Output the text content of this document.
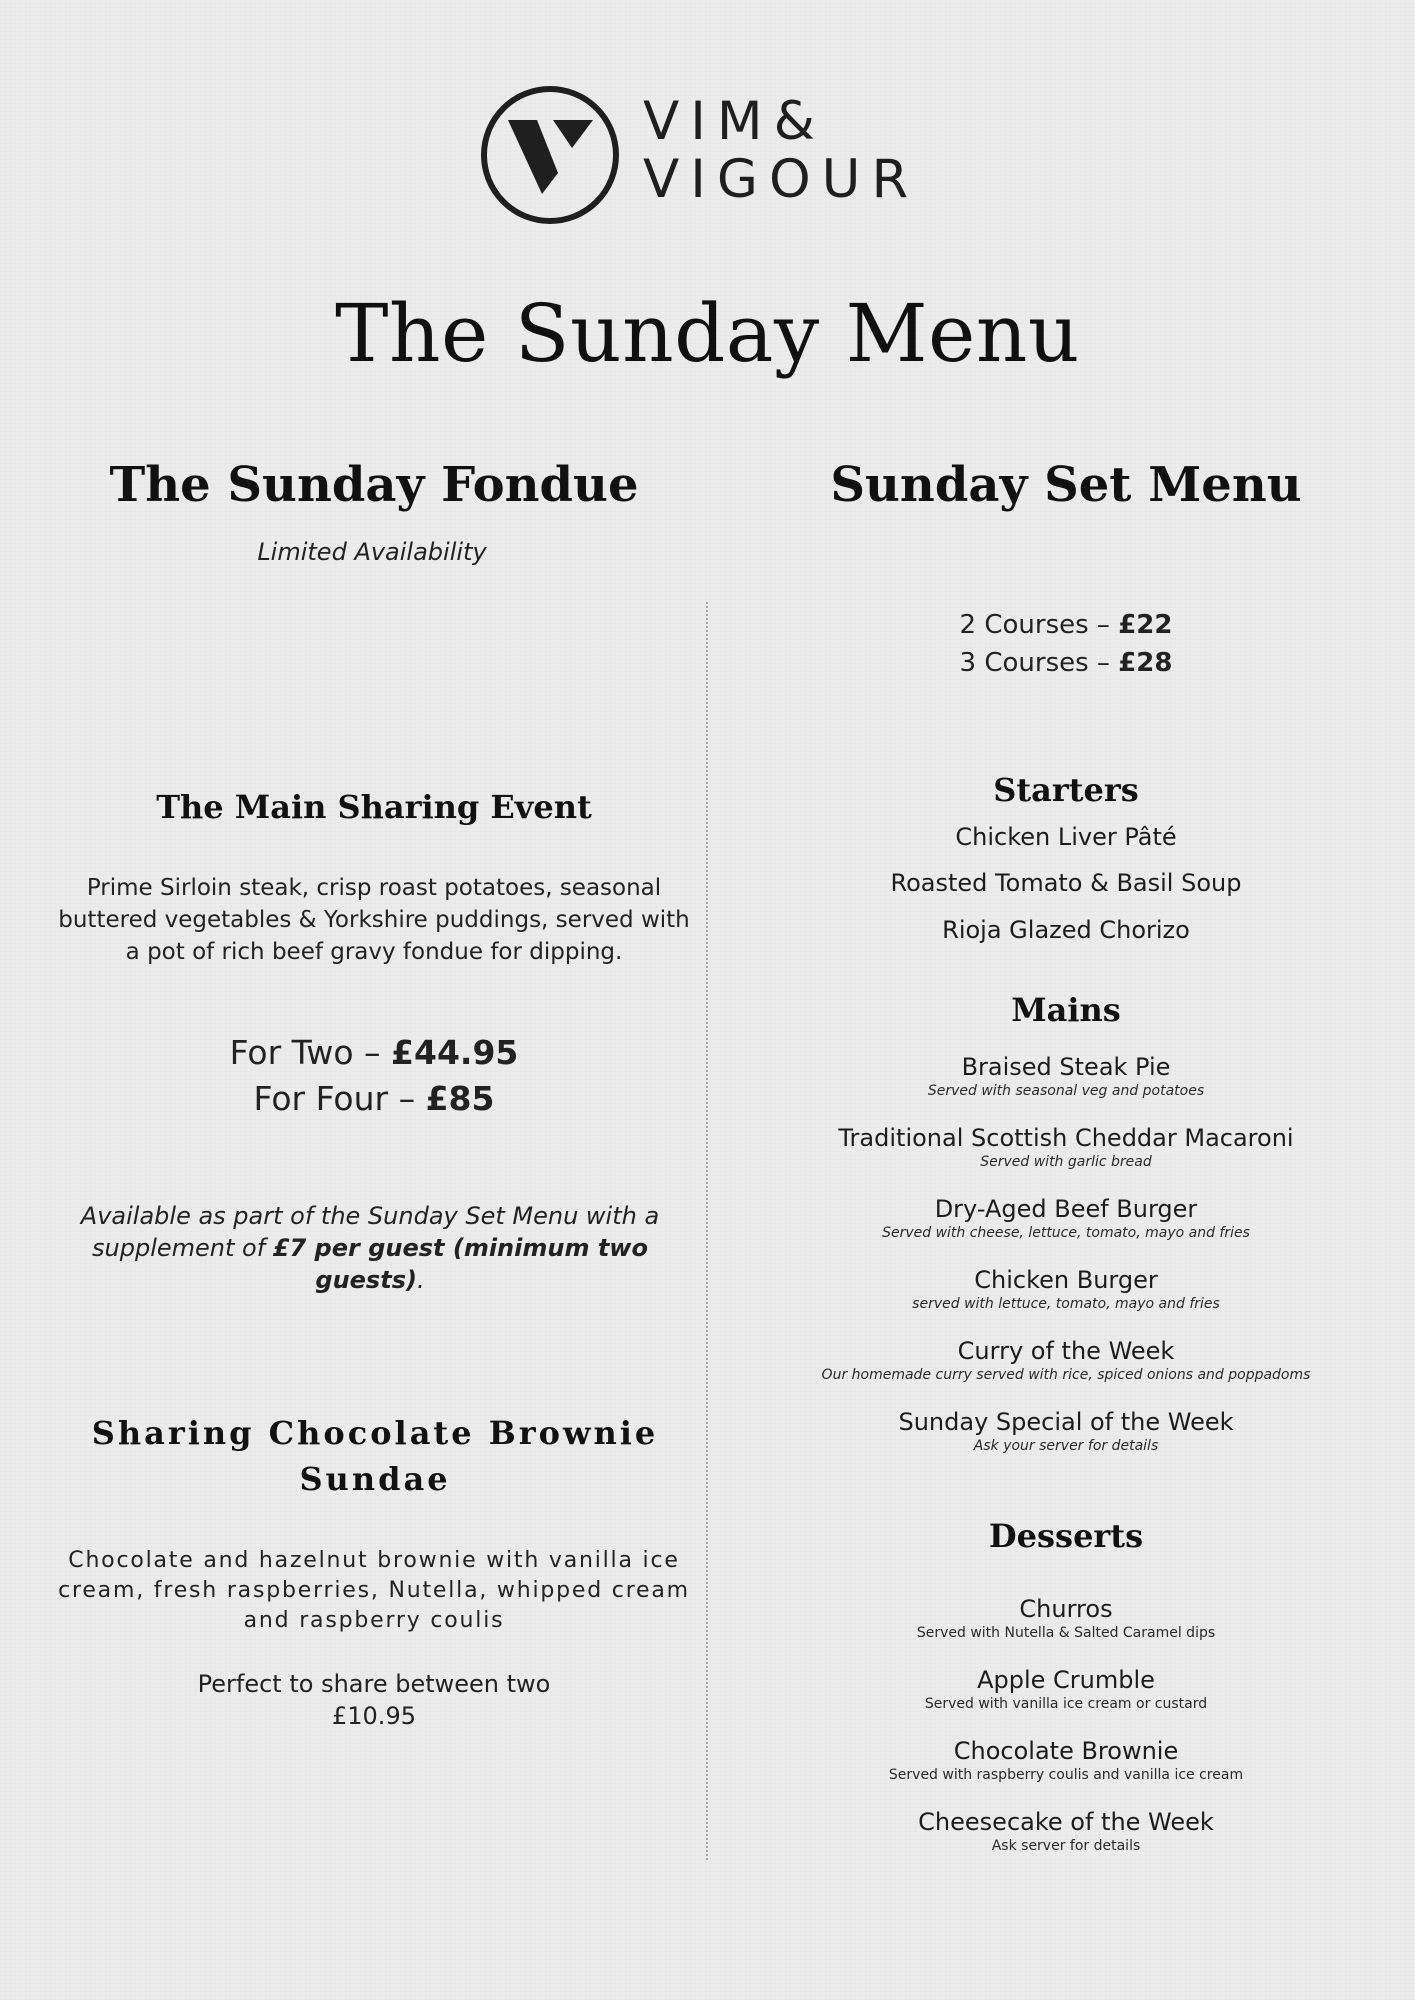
VIM&
VIGOUR
The Sunday Menu
The Sunday Fondue
Limited Availability
The Main Sharing Event
Prime Sirloin steak, crisp roast potatoes, seasonal buttered vegetables & Yorkshire puddings, served with a pot of rich beef gravy fondue for dipping.
For Two – £44.95
For Four – £85
Available as part of the Sunday Set Menu with a supplement of £7 per guest (minimum two guests).
Sharing Chocolate Brownie Sundae
Chocolate and hazelnut brownie with vanilla ice cream, fresh raspberries, Nutella, whipped cream and raspberry coulis
Perfect to share between two
£10.95
Sunday Set Menu
2 Courses – £22
3 Courses – £28
Starters
Chicken Liver Pâté
Roasted Tomato & Basil Soup
Rioja Glazed Chorizo
Mains
Braised Steak Pie
Served with seasonal veg and potatoes
Traditional Scottish Cheddar Macaroni
Served with garlic bread
Dry-Aged Beef Burger
Served with cheese, lettuce, tomato, mayo and fries
Chicken Burger
served with lettuce, tomato, mayo and fries
Curry of the Week
Our homemade curry served with rice, spiced onions and poppadoms
Sunday Special of the Week
Ask your server for details
Desserts
Churros
Served with Nutella & Salted Caramel dips
Apple Crumble
Served with vanilla ice cream or custard
Chocolate Brownie
Served with raspberry coulis and vanilla ice cream
Cheesecake of the Week
Ask server for details
